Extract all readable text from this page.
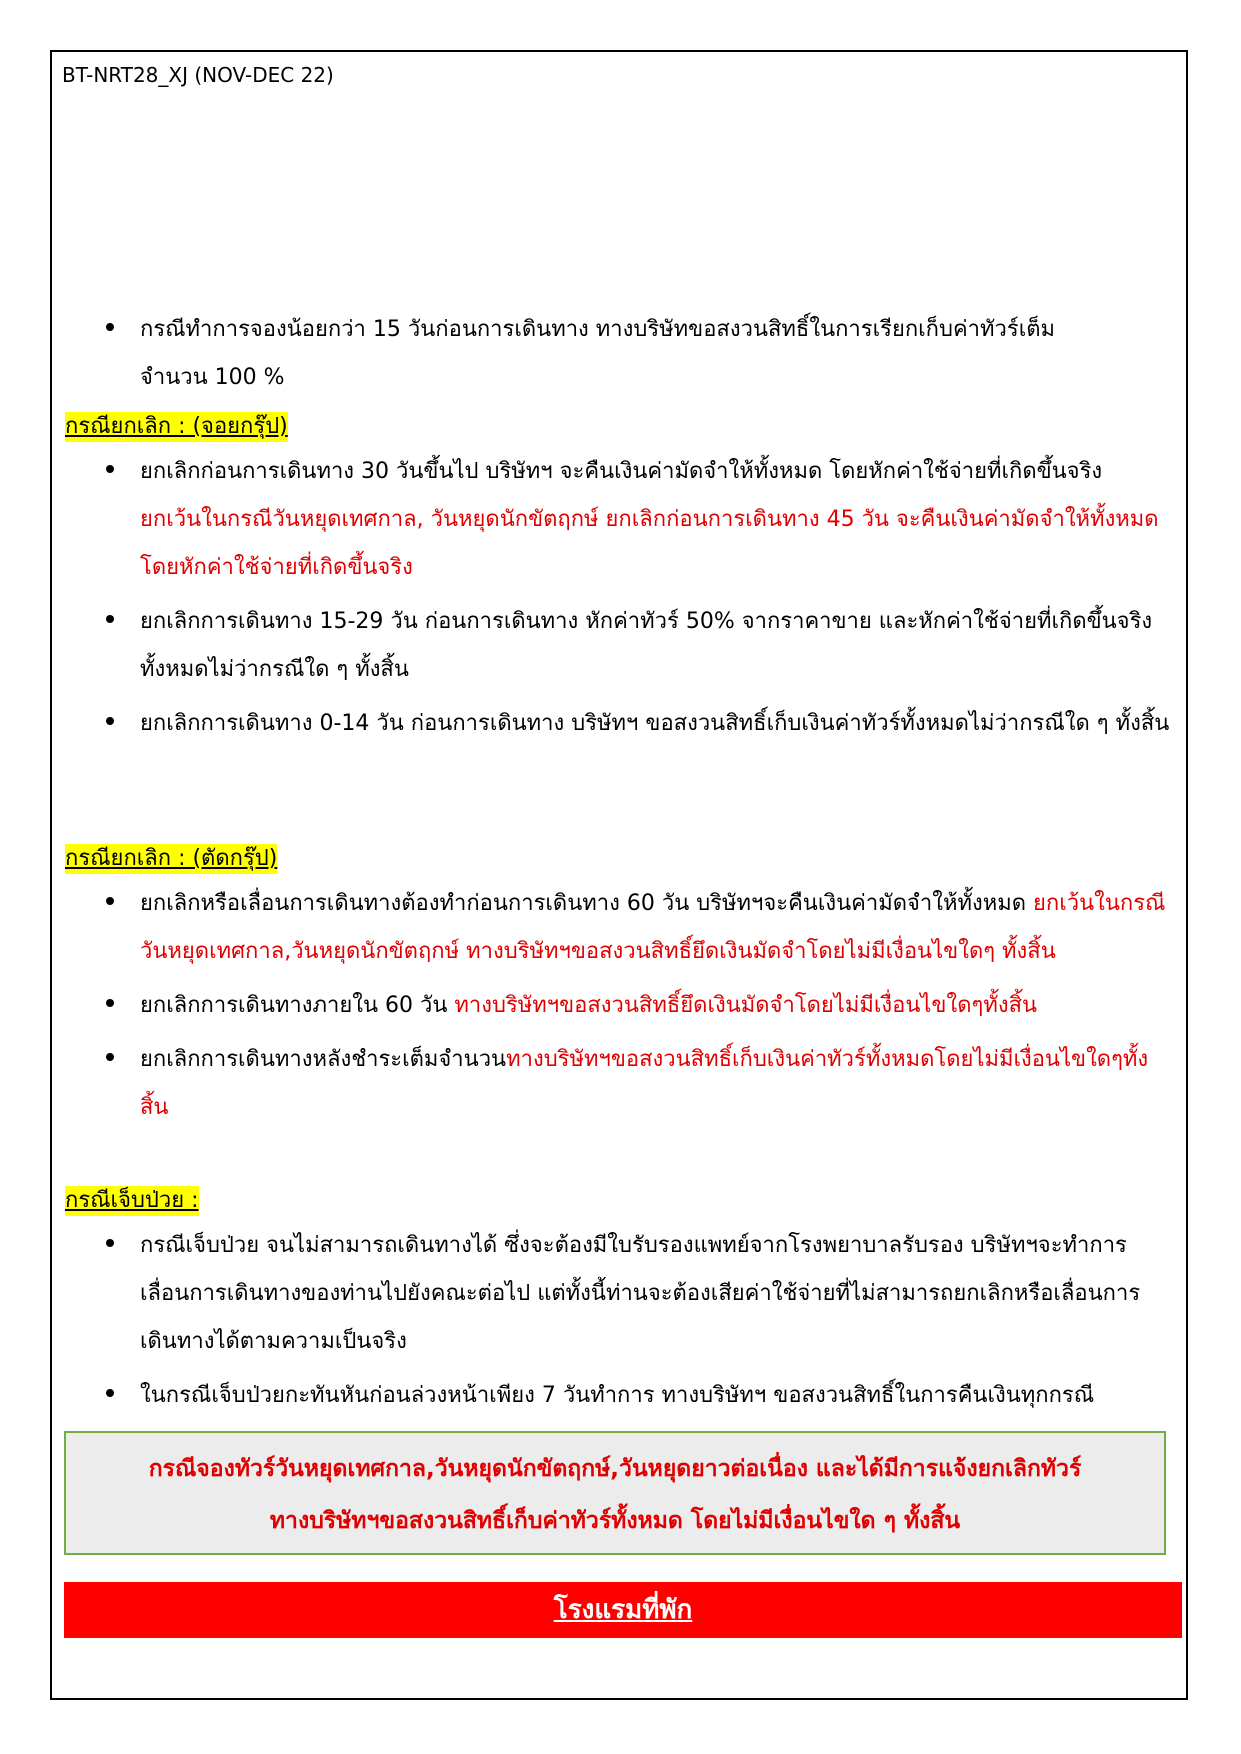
BT-NRT28_XJ (NOV-DEC 22)
กรณีทำการจองน้อยกว่า 15 วันก่อนการเดินทาง ทางบริษัทขอสงวนสิทธิ์ในการเรียกเก็บค่าทัวร์เต็ม
จำนวน 100 %
กรณียกเลิก : (จอยกรุ๊ป)
ยกเลิกก่อนการเดินทาง 30 วันขึ้นไป บริษัทฯ จะคืนเงินค่ามัดจำให้ทั้งหมด โดยหักค่าใช้จ่ายที่เกิดขึ้นจริง ยกเว้นในกรณีวันหยุดเทศกาล, วันหยุดนักขัตฤกษ์ ยกเลิกก่อนการเดินทาง 45 วัน จะคืนเงินค่ามัดจำให้ทั้งหมด โดยหักค่าใช้จ่ายที่เกิดขึ้นจริง
ยกเลิกการเดินทาง 15-29 วัน ก่อนการเดินทาง หักค่าทัวร์ 50% จากราคาขาย และหักค่าใช้จ่ายที่เกิดขึ้นจริงทั้งหมดไม่ว่ากรณีใด ๆ ทั้งสิ้น
ยกเลิกการเดินทาง 0-14 วัน ก่อนการเดินทาง บริษัทฯ ขอสงวนสิทธิ์เก็บเงินค่าทัวร์ทั้งหมดไม่ว่ากรณีใด ๆ ทั้งสิ้น
กรณียกเลิก : (ตัดกรุ๊ป)
ยกเลิกหรือเลื่อนการเดินทางต้องทำก่อนการเดินทาง 60 วัน บริษัทฯจะคืนเงินค่ามัดจำให้ทั้งหมด ยกเว้นในกรณีวันหยุดเทศกาล,วันหยุดนักขัตฤกษ์ ทางบริษัทฯขอสงวนสิทธิ์ยึดเงินมัดจำโดยไม่มีเงื่อนไขใดๆ ทั้งสิ้น
ยกเลิกการเดินทางภายใน 60 วัน ทางบริษัทฯขอสงวนสิทธิ์ยึดเงินมัดจำโดยไม่มีเงื่อนไขใดๆทั้งสิ้น
ยกเลิกการเดินทางหลังชำระเต็มจำนวนทางบริษัทฯขอสงวนสิทธิ์เก็บเงินค่าทัวร์ทั้งหมดโดยไม่มีเงื่อนไขใดๆทั้งสิ้น
กรณีเจ็บป่วย :
กรณีเจ็บป่วย จนไม่สามารถเดินทางได้ ซึ่งจะต้องมีใบรับรองแพทย์จากโรงพยาบาลรับรอง บริษัทฯจะทำการเลื่อนการเดินทางของท่านไปยังคณะต่อไป แต่ทั้งนี้ท่านจะต้องเสียค่าใช้จ่ายที่ไม่สามารถยกเลิกหรือเลื่อนการเดินทางได้ตามความเป็นจริง
ในกรณีเจ็บป่วยกะทันหันก่อนล่วงหน้าเพียง 7 วันทำการ ทางบริษัทฯ ขอสงวนสิทธิ์ในการคืนเงินทุกกรณี
กรณีจองทัวร์วันหยุดเทศกาล,วันหยุดนักขัตฤกษ์,วันหยุดยาวต่อเนื่อง และได้มีการแจ้งยกเลิกทัวร์
ทางบริษัทฯขอสงวนสิทธิ์เก็บค่าทัวร์ทั้งหมด โดยไม่มีเงื่อนไขใด ๆ ทั้งสิ้น
โรงแรมที่พัก
